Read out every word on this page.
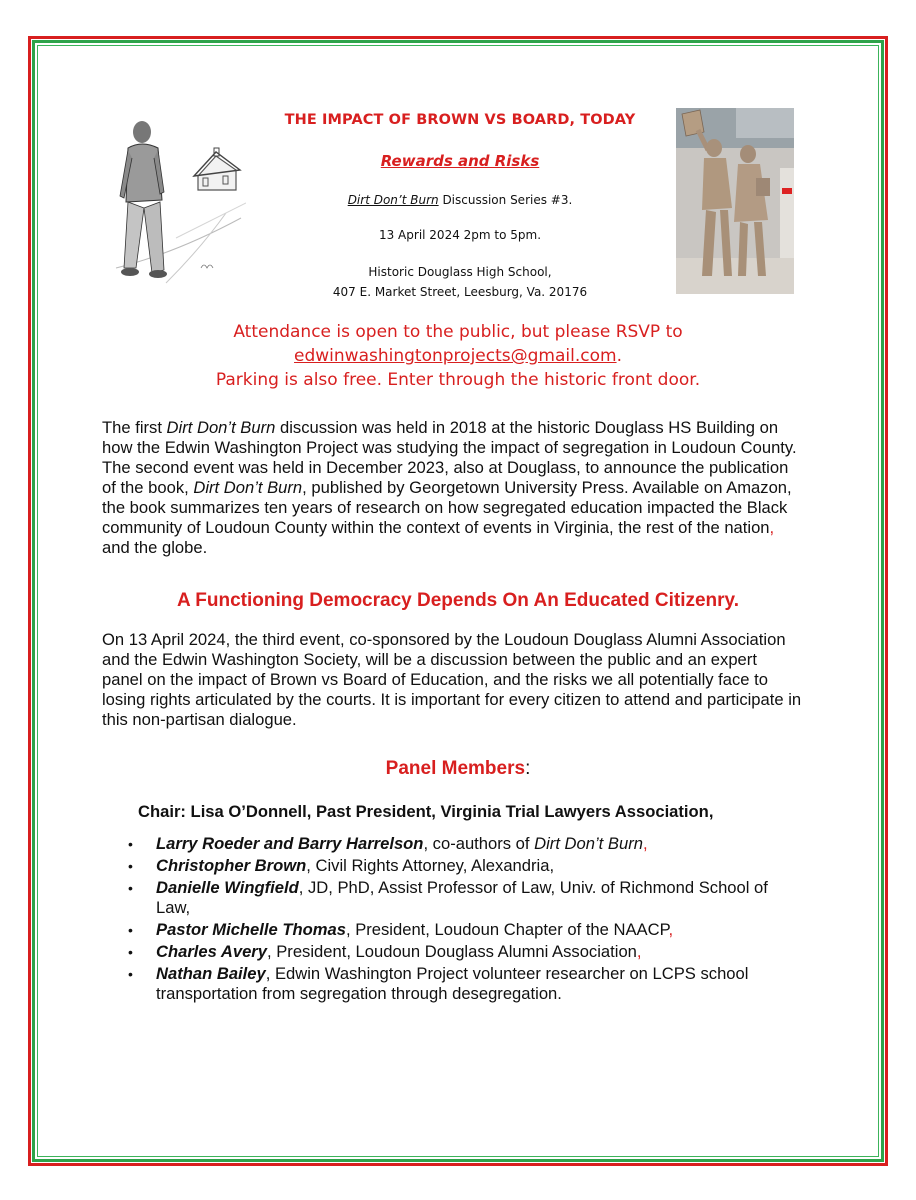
THE IMPACT OF BROWN VS BOARD, TODAY
Rewards and Risks
Dirt Don’t Burn Discussion Series #3.
13 April 2024 2pm to 5pm.
Historic Douglass High School,
407 E. Market Street, Leesburg, Va. 20176
Attendance is open to the public, but please RSVP to
edwinwashingtonprojects@gmail.com.
Parking is also free. Enter through the historic front door.
The first Dirt Don’t Burn discussion was held in 2018 at the historic Douglass HS Building on how the Edwin Washington Project was studying the impact of segregation in Loudoun County. The second event was held in December 2023, also at Douglass, to announce the publication of the book, Dirt Don’t Burn, published by Georgetown University Press. Available on Amazon, the book summarizes ten years of research on how segregated education impacted the Black community of Loudoun County within the context of events in Virginia, the rest of the nation, and the globe.
A Functioning Democracy Depends On An Educated Citizenry.
On 13 April 2024, the third event, co-sponsored by the Loudoun Douglass Alumni Association and the Edwin Washington Society, will be a discussion between the public and an expert panel on the impact of Brown vs Board of Education, and the risks we all potentially face to losing rights articulated by the courts. It is important for every citizen to attend and participate in this non-partisan dialogue.
Panel Members:
Chair: Lisa O’Donnell, Past President, Virginia Trial Lawyers Association,
• Larry Roeder and Barry Harrelson, co-authors of Dirt Don’t Burn,
• Christopher Brown, Civil Rights Attorney, Alexandria,
• Danielle Wingfield, JD, PhD, Assist Professor of Law, Univ. of Richmond School of Law,
• Pastor Michelle Thomas, President, Loudoun Chapter of the NAACP,
• Charles Avery, President, Loudoun Douglass Alumni Association,
• Nathan Bailey, Edwin Washington Project volunteer researcher on LCPS school transportation from segregation through desegregation.
